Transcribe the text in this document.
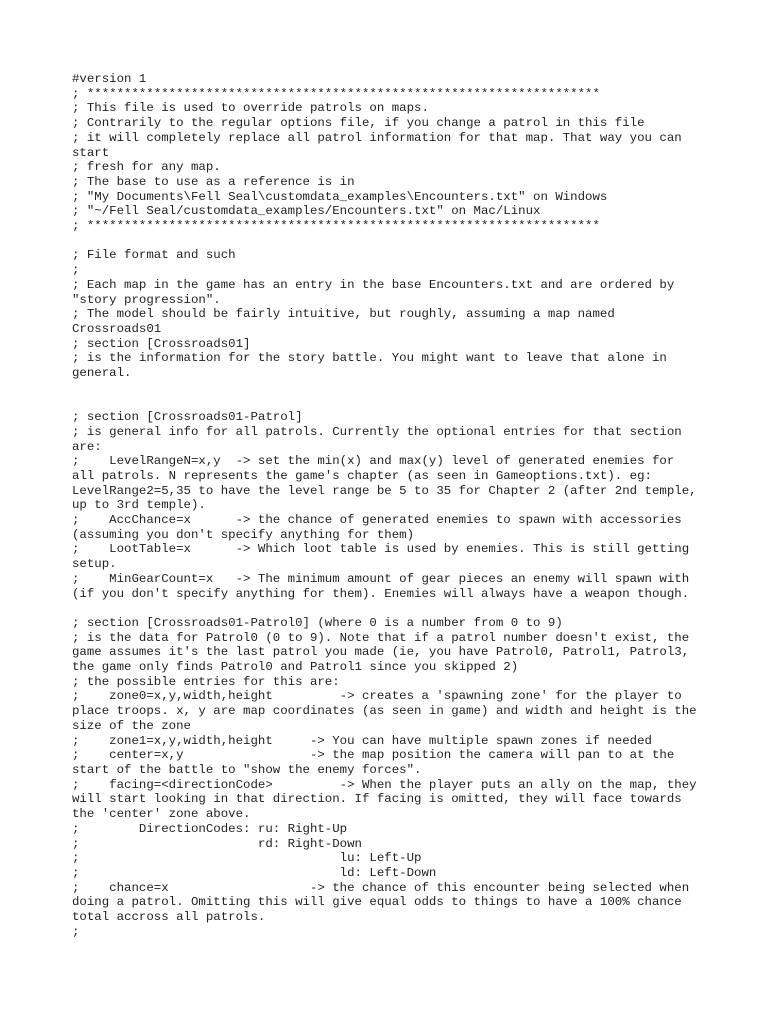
#version 1
; *********************************************************************
; This file is used to override patrols on maps.
; Contrarily to the regular options file, if you change a patrol in this file
; it will completely replace all patrol information for that map. That way you can start
; fresh for any map.
; The base to use as a reference is in
; "My Documents\Fell Seal\customdata_examples\Encounters.txt" on Windows
; "~/Fell Seal/customdata_examples/Encounters.txt" on Mac/Linux
; *********************************************************************
; File format and such
;
; Each map in the game has an entry in the base Encounters.txt and are ordered by "story progression".
; The model should be fairly intuitive, but roughly, assuming a map named Crossroads01
; section [Crossroads01]
; is the information for the story battle. You might want to leave that alone in general.
; section [Crossroads01-Patrol]
; is general info for all patrols. Currently the optional entries for that section are:
;    LevelRangeN=x,y  -> set the min(x) and max(y) level of generated enemies for all patrols. N represents the game's chapter (as seen in Gameoptions.txt). eg: LevelRange2=5,35 to have the level range be 5 to 35 for Chapter 2 (after 2nd temple, up to 3rd temple).
;    AccChance=x      -> the chance of generated enemies to spawn with accessories (assuming you don't specify anything for them)
;    LootTable=x      -> Which loot table is used by enemies. This is still getting setup.
;    MinGearCount=x   -> The minimum amount of gear pieces an enemy will spawn with (if you don't specify anything for them). Enemies will always have a weapon though.
; section [Crossroads01-Patrol0] (where 0 is a number from 0 to 9)
; is the data for Patrol0 (0 to 9). Note that if a patrol number doesn't exist, the game assumes it's the last patrol you made (ie, you have Patrol0, Patrol1, Patrol3, the game only finds Patrol0 and Patrol1 since you skipped 2)
; the possible entries for this are:
;    zone0=x,y,width,height         -> creates a 'spawning zone' for the player to place troops. x, y are map coordinates (as seen in game) and width and height is the size of the zone
;    zone1=x,y,width,height     -> You can have multiple spawn zones if needed
;    center=x,y                 -> the map position the camera will pan to at the start of the battle to "show the enemy forces".
;    facing=<directionCode>         -> When the player puts an ally on the map, they will start looking in that direction. If facing is omitted, they will face towards the 'center' zone above.
;        DirectionCodes: ru: Right-Up
;                        rd: Right-Down
;                                   lu: Left-Up
;                                   ld: Left-Down
;    chance=x                   -> the chance of this encounter being selected when doing a patrol. Omitting this will give equal odds to things to have a 100% chance total accross all patrols.
;
